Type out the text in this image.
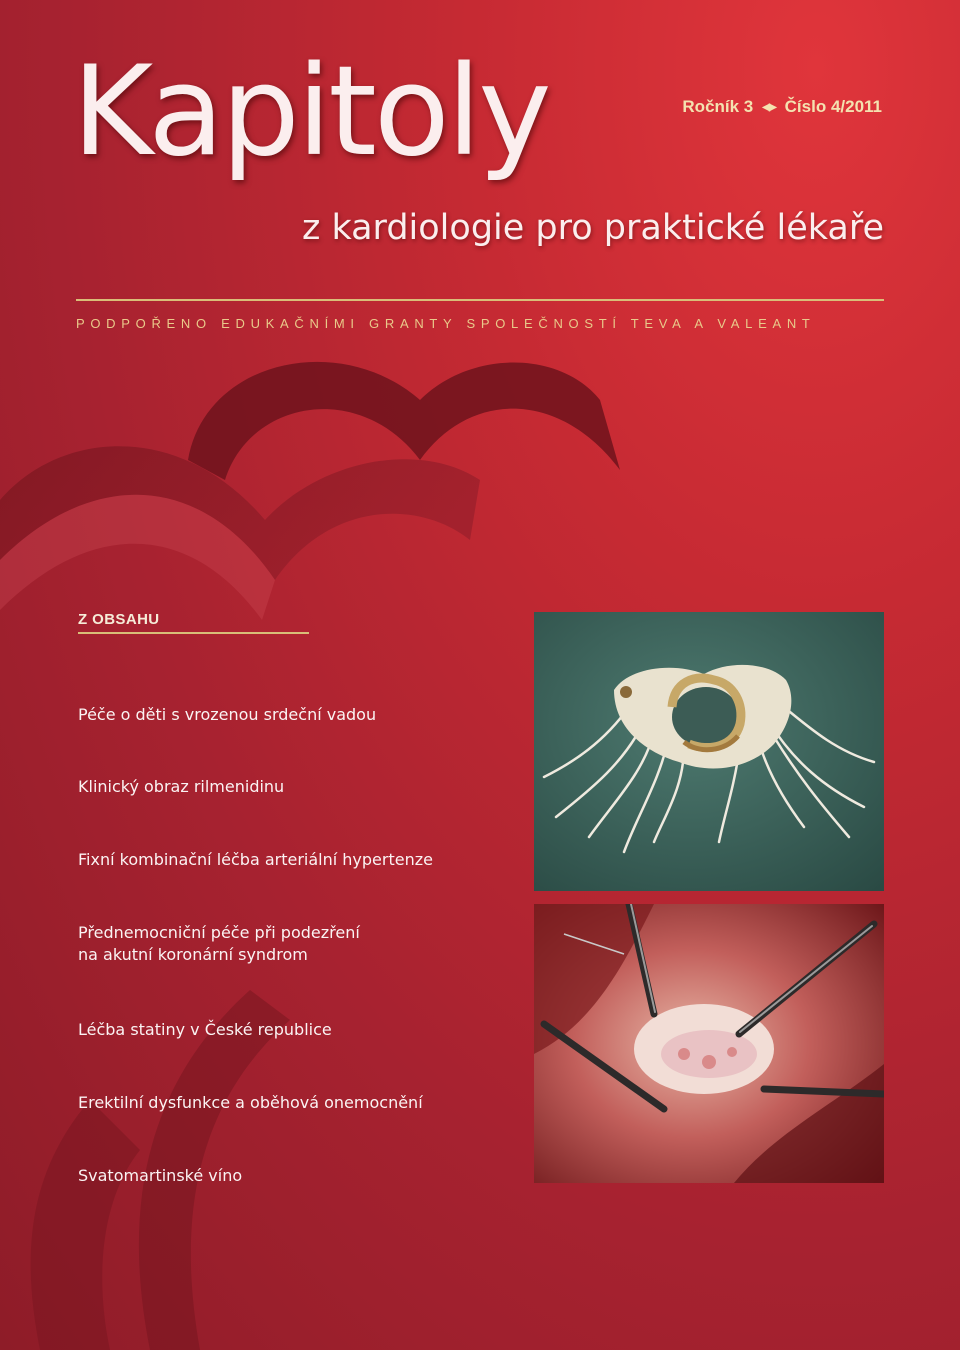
Kapitoly	Ročník 3 ◀▶ Číslo 4/2011
z kardiologie pro praktické lékaře

PODPOŘENO EDUKAČNÍMI GRANTY SPOLEČNOSTÍ TEVA A VALEANT

Z OBSAHU
Péče o děti s vrozenou srdeční vadou
Klinický obraz rilmenidinu
Fixní kombinační léčba arteriální hypertenze
Přednemocniční péče při podezření
na akutní koronární syndrom
Léčba statiny v České republice
Erektilní dysfunkce a oběhová onemocnění
Svatomartinské víno
